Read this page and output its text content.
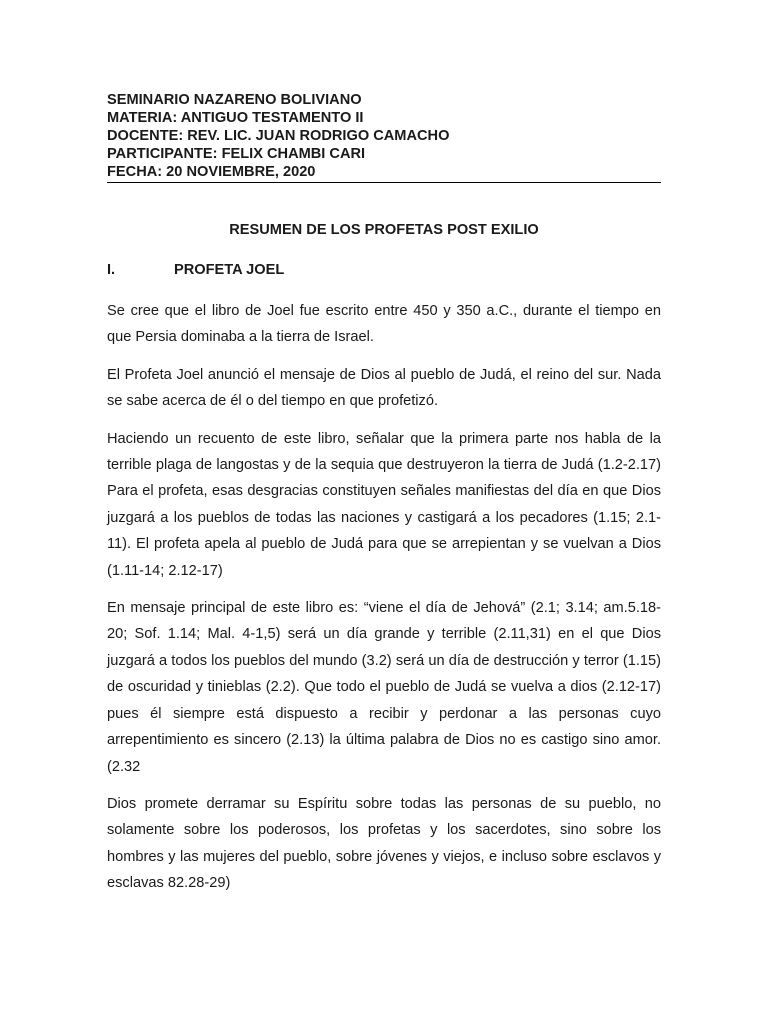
SEMINARIO NAZARENO BOLIVIANO

MATERIA: ANTIGUO TESTAMENTO II

DOCENTE: REV. LIC. JUAN RODRIGO CAMACHO

PARTICIPANTE: FELIX CHAMBI CARI

FECHA: 20 NOVIEMBRE, 2020

RESUMEN DE LOS PROFETAS POST EXILIO
I.	PROFETA JOEL

Se cree que el libro de Joel fue escrito entre 450 y 350 a.C., durante el tiempo en que Persia dominaba a la tierra de Israel.

El Profeta Joel anunció el mensaje de Dios al pueblo de Judá, el reino del sur. Nada se sabe acerca de él o del tiempo en que profetizó.

Haciendo un recuento de este libro, señalar que la primera parte nos habla de la terrible plaga de langostas y de la sequia que destruyeron la tierra de Judá (1.2-2.17) Para el profeta, esas desgracias constituyen señales manifiestas del día en que Dios juzgará a los pueblos de todas las naciones y castigará a los pecadores (1.15; 2.1-11). El profeta apela al pueblo de Judá para que se arrepientan y se vuelvan a Dios (1.11-14; 2.12-17)

En mensaje principal de este libro es: “viene el día de Jehová” (2.1; 3.14; am.5.18-20; Sof. 1.14; Mal. 4-1,5) será un día grande y terrible (2.11,31) en el que Dios juzgará a todos los pueblos del mundo (3.2) será un día de destrucción y terror (1.15) de oscuridad y tinieblas (2.2). Que todo el pueblo de Judá se vuelva a dios (2.12-17) pues él siempre está dispuesto a recibir y perdonar a las personas cuyo arrepentimiento es sincero (2.13) la última palabra de Dios no es castigo sino amor. (2.32

Dios promete derramar su Espíritu sobre todas las personas de su pueblo, no solamente sobre los poderosos, los profetas y los sacerdotes, sino sobre los hombres y las mujeres del pueblo, sobre jóvenes y viejos, e incluso sobre esclavos y esclavas 82.28-29)
